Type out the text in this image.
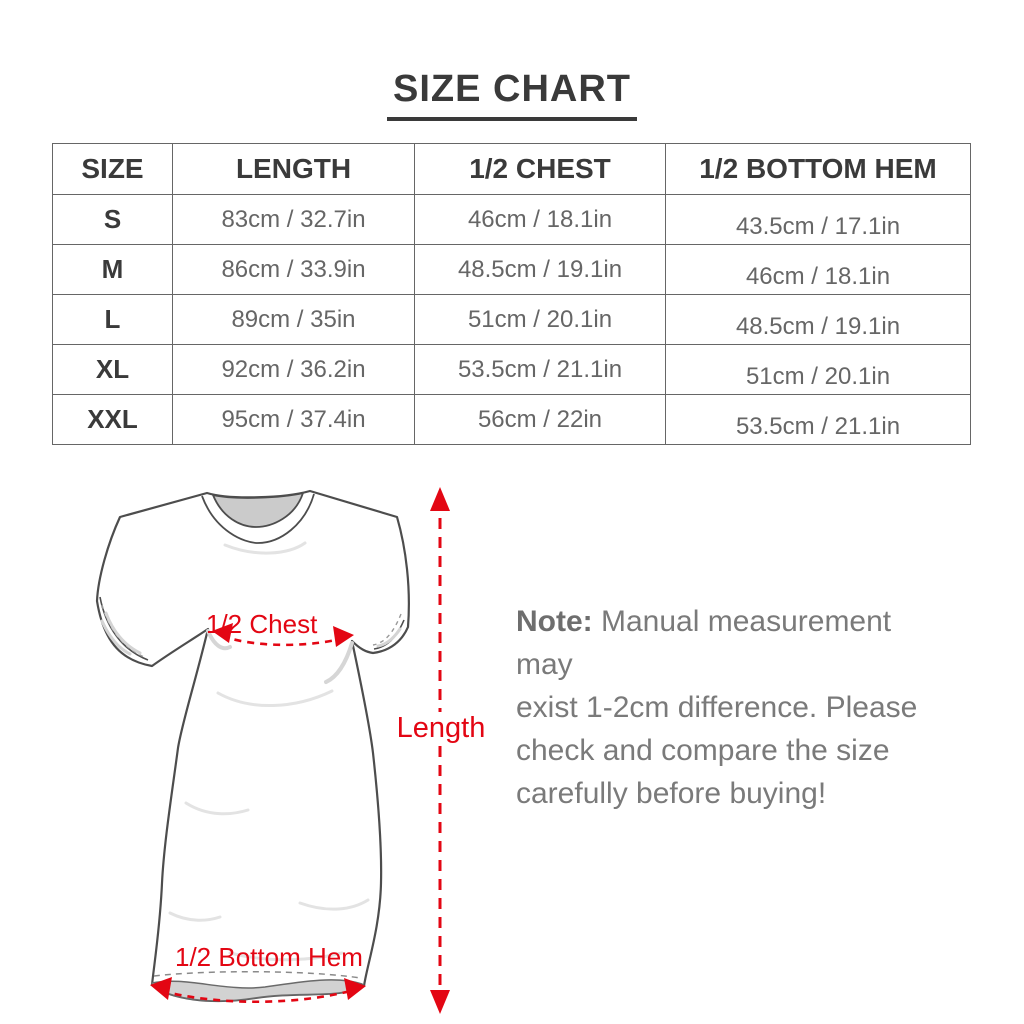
SIZE CHART
SIZE	LENGTH	1/2 CHEST	1/2 BOTTOM HEM
S	83cm / 32.7in	46cm / 18.1in	43.5cm / 17.1in
M	86cm / 33.9in	48.5cm / 19.1in	46cm / 18.1in
L	89cm / 35in	51cm / 20.1in	48.5cm / 19.1in
XL	92cm / 36.2in	53.5cm / 21.1in	51cm / 20.1in
XXL	95cm / 37.4in	56cm / 22in	53.5cm / 21.1in
1/2 Chest
Length
1/2 Bottom Hem
Note: Manual measurement may
exist 1-2cm difference. Please
check and compare the size
carefully before buying!
